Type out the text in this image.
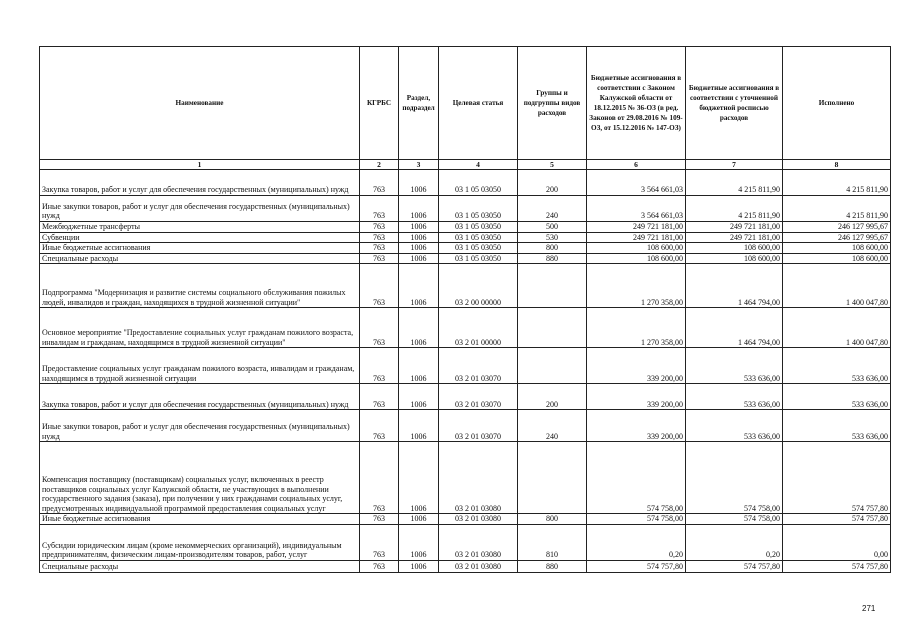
Наименование	КГРБС	Раздел, подраздел	Целевая статья	Группы и подгруппы видов расходов	Бюджетные ассигнования в соответствии с Законом Калужской области от 18.12.2015 № 36-ОЗ (в ред. Законов от 29.08.2016 № 109-ОЗ, от 15.12.2016 № 147-ОЗ)	Бюджетные ассигнования в соответствии с уточненной бюджетной росписью расходов	Исполнено
1	2	3	4	5	6	7	8
Закупка товаров, работ и услуг для обеспечения государственных (муниципальных) нужд	763	1006	03 1 05 03050	200	3 564 661,03	4 215 811,90	4 215 811,90
Иные закупки товаров, работ и услуг для обеспечения государственных (муниципальных) нужд	763	1006	03 1 05 03050	240	3 564 661,03	4 215 811,90	4 215 811,90
Межбюджетные трансферты	763	1006	03 1 05 03050	500	249 721 181,00	249 721 181,00	246 127 995,67
Субвенции	763	1006	03 1 05 03050	530	249 721 181,00	249 721 181,00	246 127 995,67
Иные бюджетные ассигнования	763	1006	03 1 05 03050	800	108 600,00	108 600,00	108 600,00
Специальные расходы	763	1006	03 1 05 03050	880	108 600,00	108 600,00	108 600,00
Подпрограмма "Модернизация и развитие системы социального обслуживания пожилых людей, инвалидов и граждан, находящихся в трудной жизненной ситуации"	763	1006	03 2 00 00000		1 270 358,00	1 464 794,00	1 400 047,80
Основное мероприятие "Предоставление социальных услуг гражданам пожилого возраста, инвалидам и гражданам, находящимся в трудной жизненной ситуации"	763	1006	03 2 01 00000		1 270 358,00	1 464 794,00	1 400 047,80
Предоставление социальных услуг гражданам пожилого возраста, инвалидам и гражданам, находящимся в трудной жизненной ситуации	763	1006	03 2 01 03070		339 200,00	533 636,00	533 636,00
Закупка товаров, работ и услуг для обеспечения государственных (муниципальных) нужд	763	1006	03 2 01 03070	200	339 200,00	533 636,00	533 636,00
Иные закупки товаров, работ и услуг для обеспечения государственных (муниципальных) нужд	763	1006	03 2 01 03070	240	339 200,00	533 636,00	533 636,00
Компенсация поставщику (поставщикам) социальных услуг, включенных в реестр поставщиков социальных услуг Калужской области, не участвующих в выполнении государственного задания (заказа), при получении у них гражданами социальных услуг, предусмотренных индивидуальной программой предоставления социальных услуг	763	1006	03 2 01 03080		574 758,00	574 758,00	574 757,80
Иные бюджетные ассигнования	763	1006	03 2 01 03080	800	574 758,00	574 758,00	574 757,80
Субсидии юридическим лицам (кроме некоммерческих организаций), индивидуальным предпринимателям, физическим лицам-производителям товаров, работ, услуг	763	1006	03 2 01 03080	810	0,20	0,20	0,00
Специальные расходы	763	1006	03 2 01 03080	880	574 757,80	574 757,80	574 757,80
271
